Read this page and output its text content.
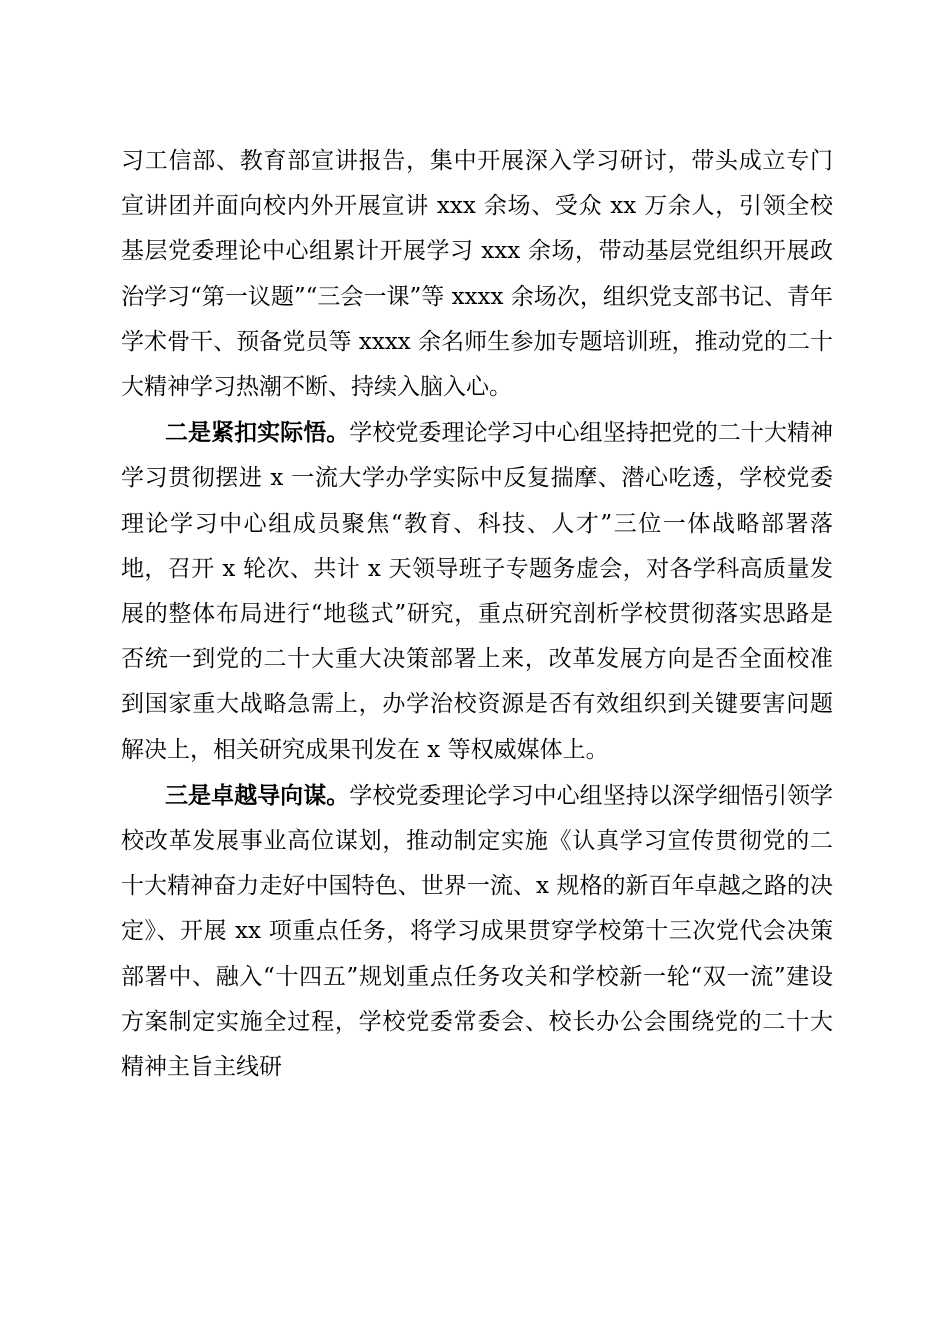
习工信部、教育部宣讲报告，集中开展深入学习研讨，带头成立专门宣讲团并面向校内外开展宣讲 xxx 余场、受众 xx 万余人，引领全校基层党委理论中心组累计开展学习 xxx 余场，带动基层党组织开展政治学习“第一议题”“三会一课”等 xxxx 余场次，组织党支部书记、青年学术骨干、预备党员等 xxxx 余名师生参加专题培训班，推动党的二十大精神学习热潮不断、持续入脑入心。

二是紧扣实际悟。学校党委理论学习中心组坚持把党的二十大精神学习贯彻摆进 x 一流大学办学实际中反复揣摩、潜心吃透，学校党委理论学习中心组成员聚焦“教育、科技、人才”三位一体战略部署落地，召开 x 轮次、共计 x 天领导班子专题务虚会，对各学科高质量发展的整体布局进行“地毯式”研究，重点研究剖析学校贯彻落实思路是否统一到党的二十大重大决策部署上来，改革发展方向是否全面校准到国家重大战略急需上，办学治校资源是否有效组织到关键要害问题解决上，相关研究成果刊发在 x 等权威媒体上。

三是卓越导向谋。学校党委理论学习中心组坚持以深学细悟引领学校改革发展事业高位谋划，推动制定实施《认真学习宣传贯彻党的二十大精神奋力走好中国特色、世界一流、x 规格的新百年卓越之路的决定》、开展 xx 项重点任务，将学习成果贯穿学校第十三次党代会决策部署中、融入“十四五”规划重点任务攻关和学校新一轮“双一流”建设方案制定实施全过程，学校党委常委会、校长办公会围绕党的二十大精神主旨主线研
